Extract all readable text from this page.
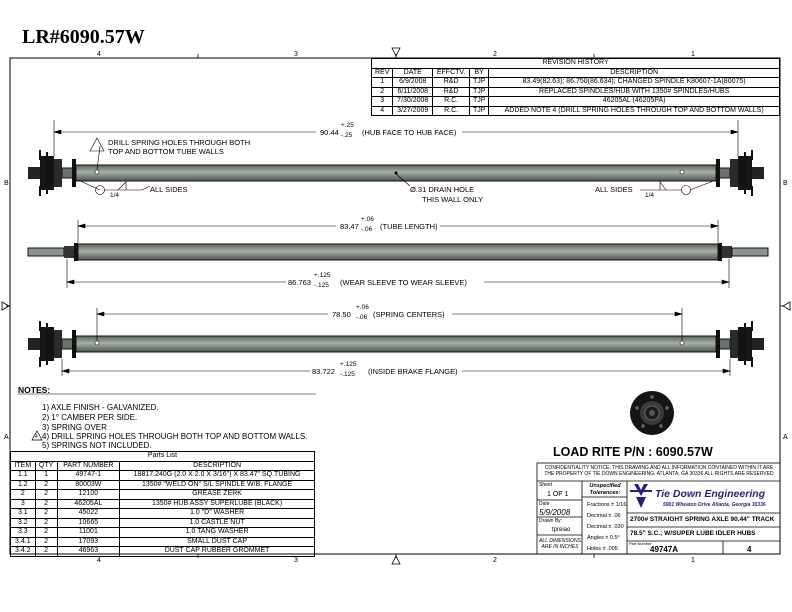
LR#6090.57W
4	3	2	1
4	3	2	1
B
A
B
A
REVISION HISTORY				
REV	DATE	EFFCTV.	BY	DESCRIPTION
1	6/9/2008	R&D	TJP	83.49(82.63); 86.750(86.634); CHANGED SPINDLE K80607-1A(80075)
2	6/11/2008	R&D	TJP	REPLACED SPINDLES/HUB WITH 1350# SPINDLES/HUBS
3	7/30/2008	R.C.	TJP	46205AL (46205PA)
4	3/27/2009	R.C.	TJP	ADDED NOTE 4 (DRILL SPRING HOLES THROUGH TOP AND BOTTOM WALLS)
90.44
+.25
-.25 (HUB FACE TO HUB FACE)
DRILL SPRING HOLES THROUGH BOTH
TOP AND BOTTOM TUBE WALLS
1/4
ALL SIDES	ALL SIDES
1/4
Ø.31 DRAIN HOLE
THIS WALL ONLY
83.47
+.06
-.06 (TUBE LENGTH)
86.763
+.125
-.125 (WEAR SLEEVE TO WEAR SLEEVE)
78.50
+.06
-.06 (SPRING CENTERS)
83.722
+.125
-.125 (INSIDE BRAKE FLANGE)
NOTES:
1) AXLE FINISH - GALVANIZED.
2) 1° CAMBER PER SIDE.
3) SPRING OVER
4) DRILL SPRING HOLES THROUGH BOTH TOP AND BOTTOM WALLS.
5) SPRINGS NOT INCLUDED.
4
Parts List			
ITEM	QTY	PART NUMBER	DESCRIPTION
1.1	1	49747-1	18817.240G (2.0 X 2.0 X 3/16") X 83.47" SQ.TUBING
1.2	2	80003W	1350# "WELD ON" S/L SPINDLE W/B. FLANGE
2	2	12100	GREASE ZERK
3	2	46205AL	1350# HUB ASSY SUPERLUBE (BLACK)
3.1	2	45022	1.0 "D" WASHER
3.2	2	10665	1.0 CASTLE NUT
3.3	2	11001	1.0 TANG WASHER
3.4.1	2	17093	SMALL DUST CAP
3.4.2	2	46963	DUST CAP RUBBER GROMMET
LOAD RITE P/N : 6090.57W
CONFIDENTIALITY NOTICE: THIS DRAWING AND ALL INFORMATION CONTAINED WITHIN IT ARE THE PROPERTY OF TIE DOWN ENGINEERING, ATLANTA, GA 30336 ALL RIGHTS ARE RESERVED
Sheet
1 OF 1
Date
5/9/2008
Drawn By:
tpreiao
ALL DIMENSIONS ARE IN INCHES
Unspecified Tolerances:
Fractions ± 1/16
Decimal ± .06
Decimal ± .030
Angles ± 0.5°
Holes ± .005
Tie Down Engineering
5901 Wheaton Drive Atlanta, Georgia 30336
2700# STRAIGHT SPRING AXLE 90.44" TRACK
78.5" S.C.; W/SUPER LUBE IDLER HUBS
Part Number
49747A	4
